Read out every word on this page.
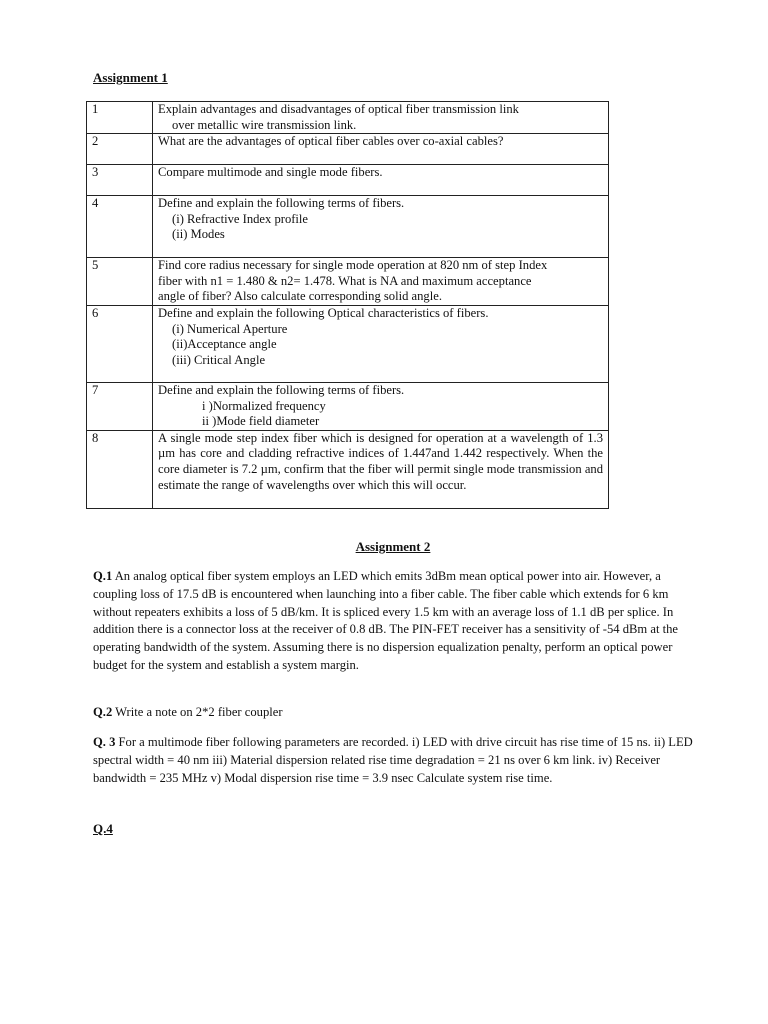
Assignment 1
1	Explain advantages and disadvantages of optical fiber transmission link
over metallic wire transmission link.

2	What are the advantages of optical fiber cables over co-axial cables?

3	Compare multimode and single mode fibers.

4	Define and explain the following terms of fibers.
(i) Refractive Index profile
(ii) Modes

5	Find core radius necessary for single mode operation at 820 nm of step Index
fiber with n1 = 1.480 & n2= 1.478. What is NA and maximum acceptance
angle of fiber? Also calculate corresponding solid angle.

6	Define and explain the following Optical characteristics of fibers.
(i) Numerical Aperture
(ii)Acceptance angle
(iii) Critical Angle

7	Define and explain the following terms of fibers.
i )Normalized frequency
ii )Mode field diameter

8	A single mode step index fiber which is designed for operation at a wavelength of 1.3 µm has core and cladding refractive indices of 1.447and 1.442 respectively. When the core diameter is 7.2 µm, confirm that the fiber will permit single mode transmission and estimate the range of wavelengths over which this will occur.
Assignment 2
Q.1 An analog optical fiber system employs an LED which emits 3dBm mean optical power into air. However, a coupling loss of 17.5 dB is encountered when launching into a fiber cable. The fiber cable which extends for 6 km without repeaters exhibits a loss of 5 dB/km. It is spliced every 1.5 km with an average loss of 1.1 dB per splice. In addition there is a connector loss at the receiver of 0.8 dB. The PIN-FET receiver has a sensitivity of -54 dBm at the operating bandwidth of the system. Assuming there is no dispersion equalization penalty, perform an optical power budget for the system and establish a system margin.
Q.2 Write a note on 2*2 fiber coupler
Q. 3 For a multimode fiber following parameters are recorded. i) LED with drive circuit has rise time of 15 ns. ii) LED spectral width = 40 nm iii) Material dispersion related rise time degradation = 21 ns over 6 km link. iv) Receiver bandwidth = 235 MHz v) Modal dispersion rise time = 3.9 nsec Calculate system rise time.
Q.4
